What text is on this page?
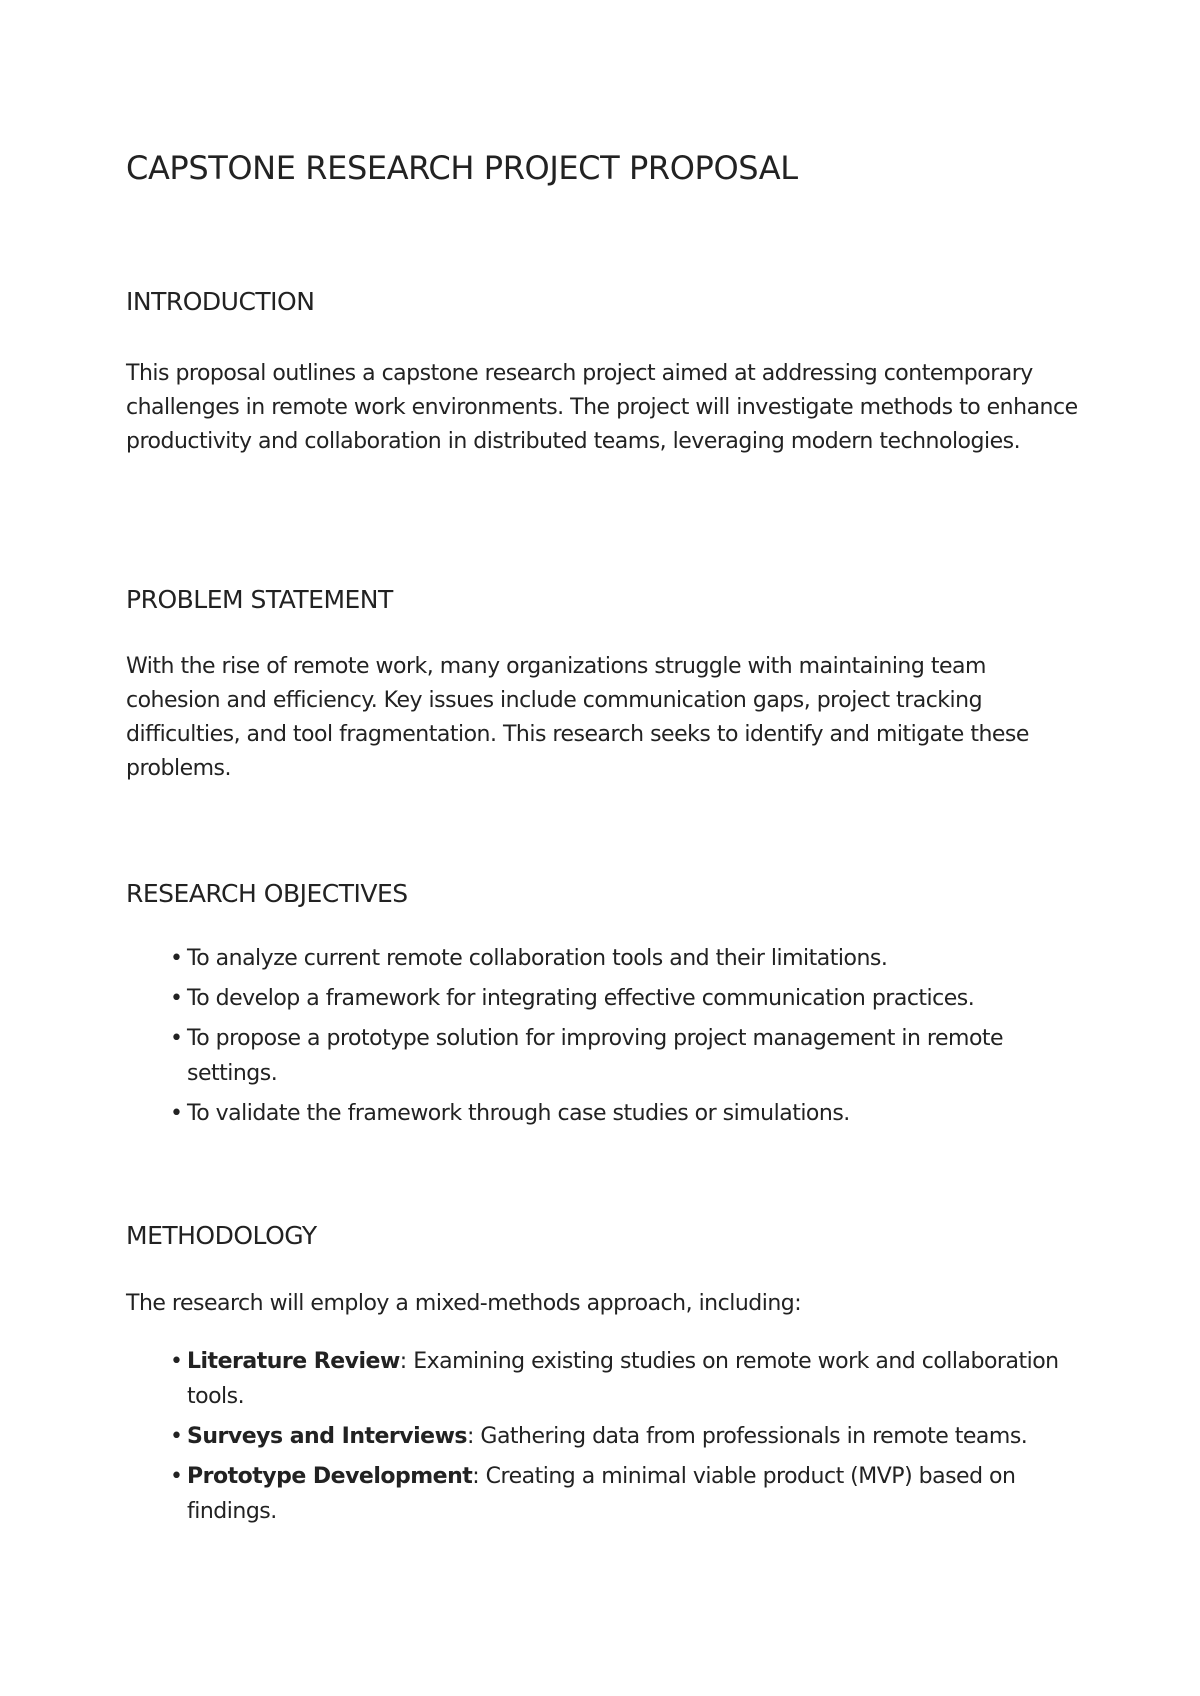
CAPSTONE RESEARCH PROJECT PROPOSAL
INTRODUCTION

This proposal outlines a capstone research project aimed at addressing contemporary challenges in remote work environments. The project will investigate methods to enhance productivity and collaboration in distributed teams, leveraging modern technologies.

PROBLEM STATEMENT

With the rise of remote work, many organizations struggle with maintaining team cohesion and efficiency. Key issues include communication gaps, project tracking difficulties, and tool fragmentation. This research seeks to identify and mitigate these problems.

RESEARCH OBJECTIVES
• To analyze current remote collaboration tools and their limitations.
• To develop a framework for integrating effective communication practices.
• To propose a prototype solution for improving project management in remote settings.
• To validate the framework through case studies or simulations.
METHODOLOGY

The research will employ a mixed-methods approach, including:

• Literature Review: Examining existing studies on remote work and collaboration tools.
• Surveys and Interviews: Gathering data from professionals in remote teams.
• Prototype Development: Creating a minimal viable product (MVP) based on findings.
